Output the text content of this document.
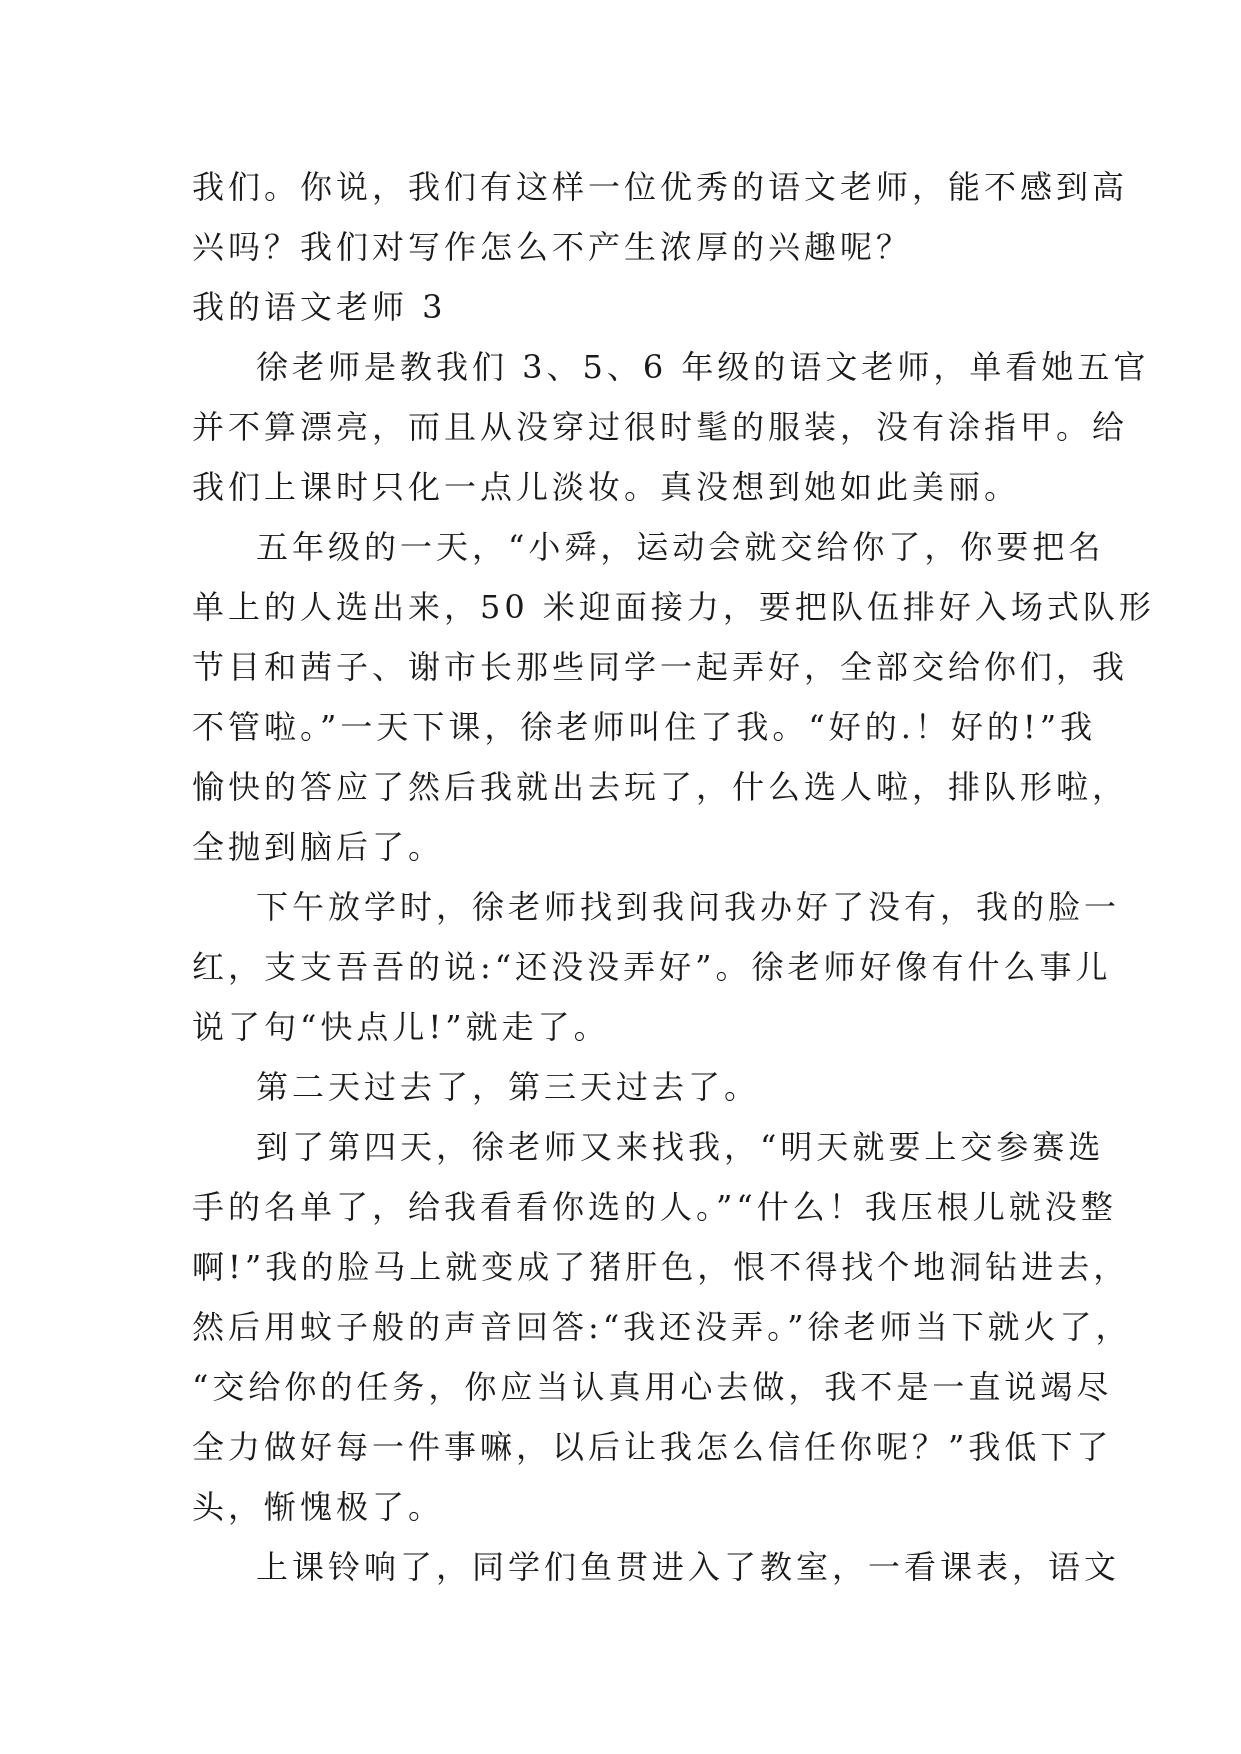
我们。你说，我们有这样一位优秀的语文老师，能不感到高
兴吗？我们对写作怎么不产生浓厚的兴趣呢？
我的语文老师 3
徐老师是教我们 3、5、6 年级的语文老师，单看她五官
并不算漂亮，而且从没穿过很时髦的服装，没有涂指甲。给
我们上课时只化一点儿淡妆。真没想到她如此美丽。
五年级的一天，“小舜，运动会就交给你了，你要把名
单上的人选出来，50 米迎面接力，要把队伍排好入场式队形
节目和茜子、谢市长那些同学一起弄好，全部交给你们，我
不管啦。”一天下课，徐老师叫住了我。“好的.！好的!”我
愉快的答应了然后我就出去玩了，什么选人啦，排队形啦，
全抛到脑后了。
下午放学时，徐老师找到我问我办好了没有，我的脸一
红，支支吾吾的说:“还没没弄好”。徐老师好像有什么事儿
说了句“快点儿!”就走了。
第二天过去了，第三天过去了。
到了第四天，徐老师又来找我，“明天就要上交参赛选
手的名单了，给我看看你选的人。”“什么！我压根儿就没整
啊!”我的脸马上就变成了猪肝色，恨不得找个地洞钻进去，
然后用蚊子般的声音回答:“我还没弄。”徐老师当下就火了，
“交给你的任务，你应当认真用心去做，我不是一直说竭尽
全力做好每一件事嘛，以后让我怎么信任你呢？”我低下了
头，惭愧极了。
上课铃响了，同学们鱼贯进入了教室，一看课表，语文
